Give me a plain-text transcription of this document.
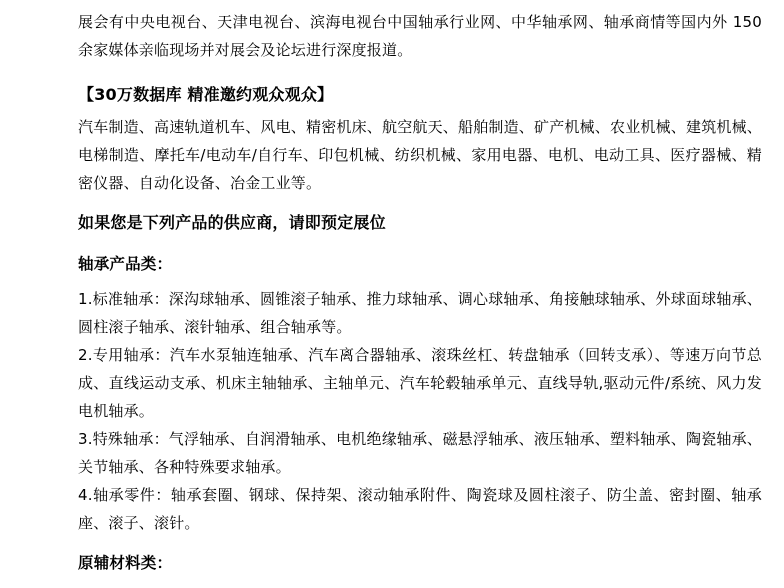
展会有中央电视台、天津电视台、滨海电视台中国轴承行业网、中华轴承网、轴承商情等国内外 150 余家媒体亲临现场并对展会及论坛进行深度报道。

【30万数据库 精准邀约观众观众】

汽车制造、高速轨道机车、风电、精密机床、航空航天、船舶制造、矿产机械、农业机械、建筑机械、电梯制造、摩托车/电动车/自行车、印包机械、纺织机械、家用电器、电机、电动工具、医疗器械、精密仪器、自动化设备、冶金工业等。

如果您是下列产品的供应商，请即预定展位

轴承产品类：

1.标准轴承：深沟球轴承、圆锥滚子轴承、推力球轴承、调心球轴承、角接触球轴承、外球面球轴承、圆柱滚子轴承、滚针轴承、组合轴承等。

2.专用轴承：汽车水泵轴连轴承、汽车离合器轴承、滚珠丝杠、转盘轴承（回转支承）、等速万向节总成、直线运动支承、机床主轴轴承、主轴单元、汽车轮毂轴承单元、直线导轨,驱动元件/系统、风力发电机轴承。

3.特殊轴承：气浮轴承、自润滑轴承、电机绝缘轴承、磁悬浮轴承、液压轴承、塑料轴承、陶瓷轴承、关节轴承、各种特殊要求轴承。

4.轴承零件：轴承套圈、钢球、保持架、滚动轴承附件、陶瓷球及圆柱滚子、防尘盖、密封圈、轴承座、滚子、滚针。

原辅材料类：
